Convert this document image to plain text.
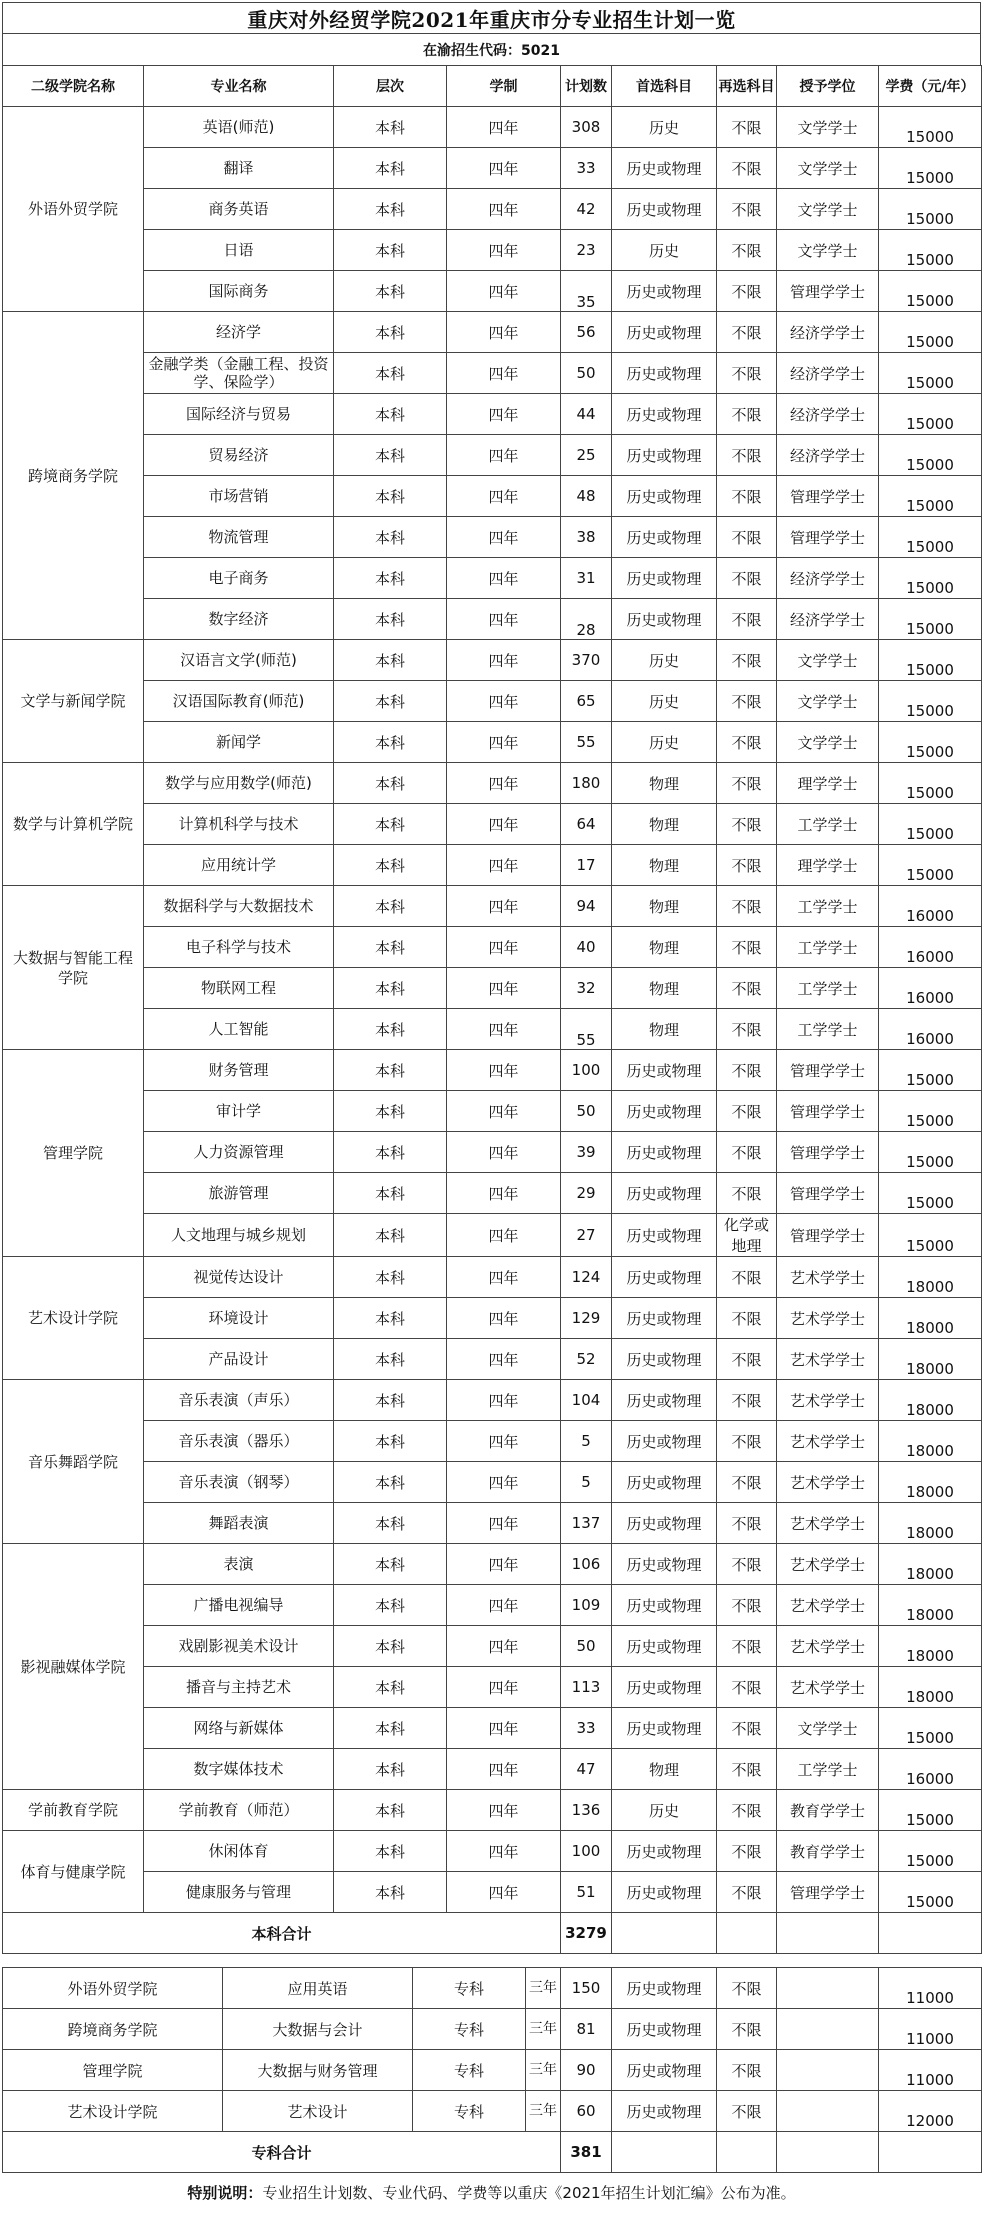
重庆对外经贸学院2021年重庆市分专业招生计划一览
在渝招生代码：5021
二级学院名称	专业名称	层次	学制	计划数	首选科目	再选科目	授予学位	学费（元/年）
外语外贸学院	英语(师范)	本科	四年	308	历史	不限	文学学士	15000
	翻译	本科	四年	33	历史或物理	不限	文学学士	15000
	商务英语	本科	四年	42	历史或物理	不限	文学学士	15000
	日语	本科	四年	23	历史	不限	文学学士	15000
	国际商务	本科	四年	35	历史或物理	不限	管理学学士	15000
跨境商务学院	经济学	本科	四年	56	历史或物理	不限	经济学学士	15000
	金融学类（金融工程、投资学、保险学）	本科	四年	50	历史或物理	不限	经济学学士	15000
	国际经济与贸易	本科	四年	44	历史或物理	不限	经济学学士	15000
	贸易经济	本科	四年	25	历史或物理	不限	经济学学士	15000
	市场营销	本科	四年	48	历史或物理	不限	管理学学士	15000
	物流管理	本科	四年	38	历史或物理	不限	管理学学士	15000
	电子商务	本科	四年	31	历史或物理	不限	经济学学士	15000
	数字经济	本科	四年	28	历史或物理	不限	经济学学士	15000
文学与新闻学院	汉语言文学(师范)	本科	四年	370	历史	不限	文学学士	15000
	汉语国际教育(师范)	本科	四年	65	历史	不限	文学学士	15000
	新闻学	本科	四年	55	历史	不限	文学学士	15000
数学与计算机学院	数学与应用数学(师范)	本科	四年	180	物理	不限	理学学士	15000
	计算机科学与技术	本科	四年	64	物理	不限	工学学士	15000
	应用统计学	本科	四年	17	物理	不限	理学学士	15000
大数据与智能工程学院	数据科学与大数据技术	本科	四年	94	物理	不限	工学学士	16000
	电子科学与技术	本科	四年	40	物理	不限	工学学士	16000
	物联网工程	本科	四年	32	物理	不限	工学学士	16000
	人工智能	本科	四年	55	物理	不限	工学学士	16000
管理学院	财务管理	本科	四年	100	历史或物理	不限	管理学学士	15000
	审计学	本科	四年	50	历史或物理	不限	管理学学士	15000
	人力资源管理	本科	四年	39	历史或物理	不限	管理学学士	15000
	旅游管理	本科	四年	29	历史或物理	不限	管理学学士	15000
	人文地理与城乡规划	本科	四年	27	历史或物理	化学或地理	管理学学士	15000
艺术设计学院	视觉传达设计	本科	四年	124	历史或物理	不限	艺术学学士	18000
	环境设计	本科	四年	129	历史或物理	不限	艺术学学士	18000
	产品设计	本科	四年	52	历史或物理	不限	艺术学学士	18000
音乐舞蹈学院	音乐表演（声乐）	本科	四年	104	历史或物理	不限	艺术学学士	18000
	音乐表演（器乐）	本科	四年	5	历史或物理	不限	艺术学学士	18000
	音乐表演（钢琴）	本科	四年	5	历史或物理	不限	艺术学学士	18000
	舞蹈表演	本科	四年	137	历史或物理	不限	艺术学学士	18000
影视融媒体学院	表演	本科	四年	106	历史或物理	不限	艺术学学士	18000
	广播电视编导	本科	四年	109	历史或物理	不限	艺术学学士	18000
	戏剧影视美术设计	本科	四年	50	历史或物理	不限	艺术学学士	18000
	播音与主持艺术	本科	四年	113	历史或物理	不限	艺术学学士	18000
	网络与新媒体	本科	四年	33	历史或物理	不限	文学学士	15000
	数字媒体技术	本科	四年	47	物理	不限	工学学士	16000
学前教育学院	学前教育（师范）	本科	四年	136	历史	不限	教育学学士	15000
体育与健康学院	休闲体育	本科	四年	100	历史或物理	不限	教育学学士	15000
	健康服务与管理	本科	四年	51	历史或物理	不限	管理学学士	15000
本科合计				3279				
外语外贸学院	应用英语	专科	三年	150	历史或物理	不限		11000
跨境商务学院	大数据与会计	专科	三年	81	历史或物理	不限		11000
管理学院	大数据与财务管理	专科	三年	90	历史或物理	不限		11000
艺术设计学院	艺术设计	专科	三年	60	历史或物理	不限		12000
专科合计				381				
特别说明：专业招生计划数、专业代码、学费等以重庆《2021年招生计划汇编》公布为准。
